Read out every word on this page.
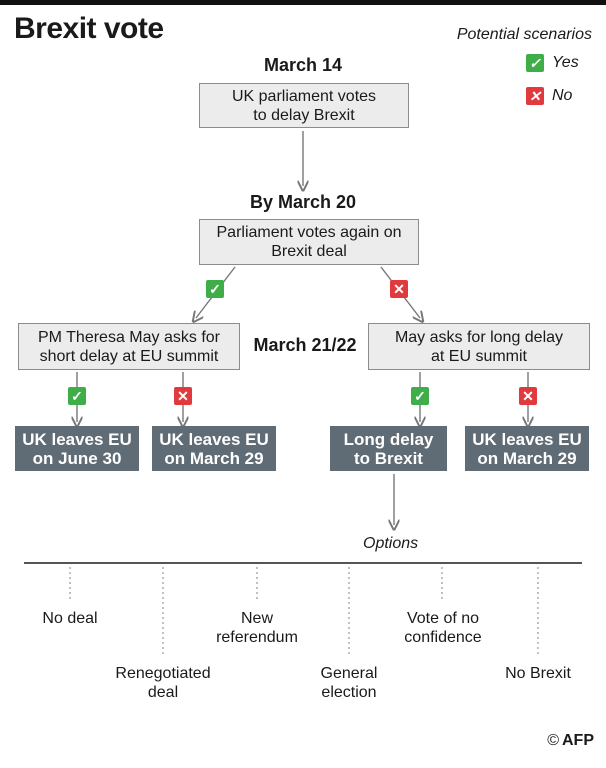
Brexit vote	Potential scenarios
✓ Yes
✕ No
March 14
By March 20
March 21/22
UK parliament votes
to delay Brexit
Parliament votes again on
Brexit deal
PM Theresa May asks for
short delay at EU summit
May asks for long delay
at EU summit
✓	✕
✓	✕	✓	✕
UK leaves EU
on June 30
UK leaves EU
on March 29
Long delay
to Brexit
UK leaves EU
on March 29
Options
No deal
Renegotiated
deal
New
referendum
General
election
Vote of no
confidence
No Brexit
© AFP
